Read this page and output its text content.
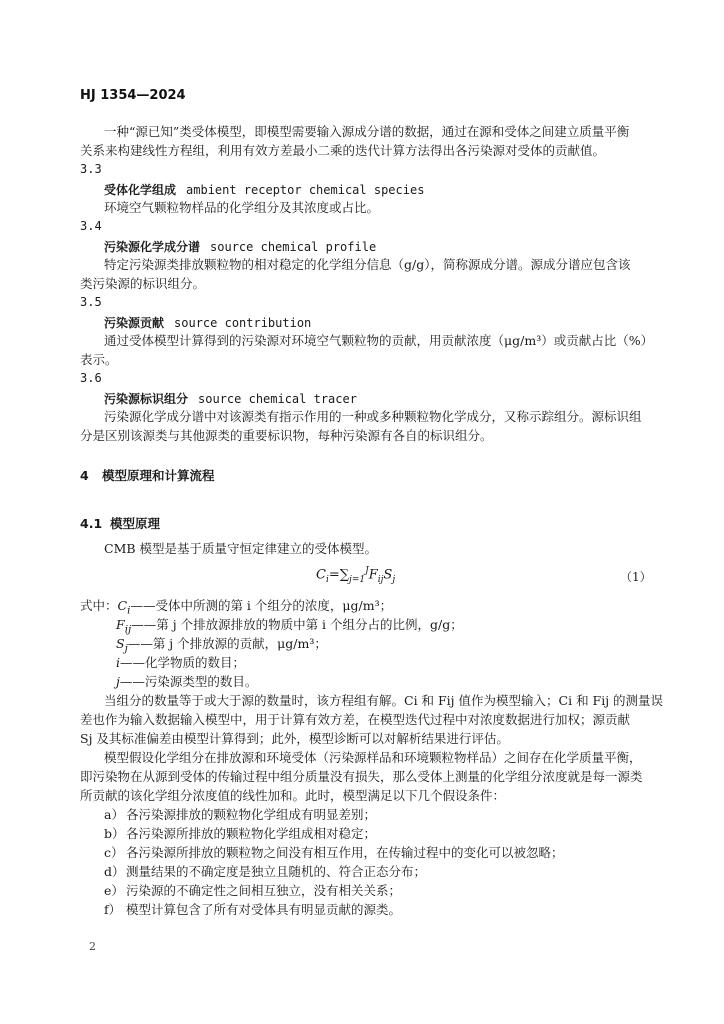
HJ 1354—2024
一种“源已知”类受体模型，即模型需要输入源成分谱的数据，通过在源和受体之间建立质量平衡
关系来构建线性方程组，利用有效方差最小二乘的迭代计算方法得出各污染源对受体的贡献值。
3.3
受体化学组成 ambient receptor chemical species
环境空气颗粒物样品的化学组分及其浓度或占比。
3.4
污染源化学成分谱 source chemical profile
特定污染源类排放颗粒物的相对稳定的化学组分信息（g/g），简称源成分谱。源成分谱应包含该
类污染源的标识组分。
3.5
污染源贡献 source contribution
通过受体模型计算得到的污染源对环境空气颗粒物的贡献，用贡献浓度（μg/m³）或贡献占比（%）
表示。
3.6
污染源标识组分 source chemical tracer
污染源化学成分谱中对该源类有指示作用的一种或多种颗粒物化学成分，又称示踪组分。源标识组
分是区别该源类与其他源类的重要标识物，每种污染源有各自的标识组分。
4 模型原理和计算流程
4.1 模型原理
CMB 模型是基于质量守恒定律建立的受体模型。
$C_i=\sum_{j=1}^JF_{ij}S_j$	（1）
式中：$C_i——$受体中所测的第 i 个组分的浓度，μg/m³；
$F_{ij}——$第 j 个排放源排放的物质中第 i 个组分占的比例，g/g；
$S_j——$第 j 个排放源的贡献，μg/m³；
i——化学物质的数目；
j——污染源类型的数目。
当组分的数量等于或大于源的数量时，该方程组有解。Ci 和 Fij 值作为模型输入；Ci 和 Fij 的测量误
差也作为输入数据输入模型中，用于计算有效方差，在模型迭代过程中对浓度数据进行加权；源贡献
Sj 及其标准偏差由模型计算得到；此外，模型诊断可以对解析结果进行评估。
模型假设化学组分在排放源和环境受体（污染源样品和环境颗粒物样品）之间存在化学质量平衡，
即污染物在从源到受体的传输过程中组分质量没有损失，那么受体上测量的化学组分浓度就是每一源类
所贡献的该化学组分浓度值的线性加和。此时，模型满足以下几个假设条件：
a） 各污染源排放的颗粒物化学组成有明显差别；
b）各污染源所排放的颗粒物化学组成相对稳定；
c） 各污染源所排放的颗粒物之间没有相互作用，在传输过程中的变化可以被忽略；
d）测量结果的不确定度是独立且随机的、符合正态分布；
e） 污染源的不确定性之间相互独立，没有相关关系；
f） 模型计算包含了所有对受体具有明显贡献的源类。
2
